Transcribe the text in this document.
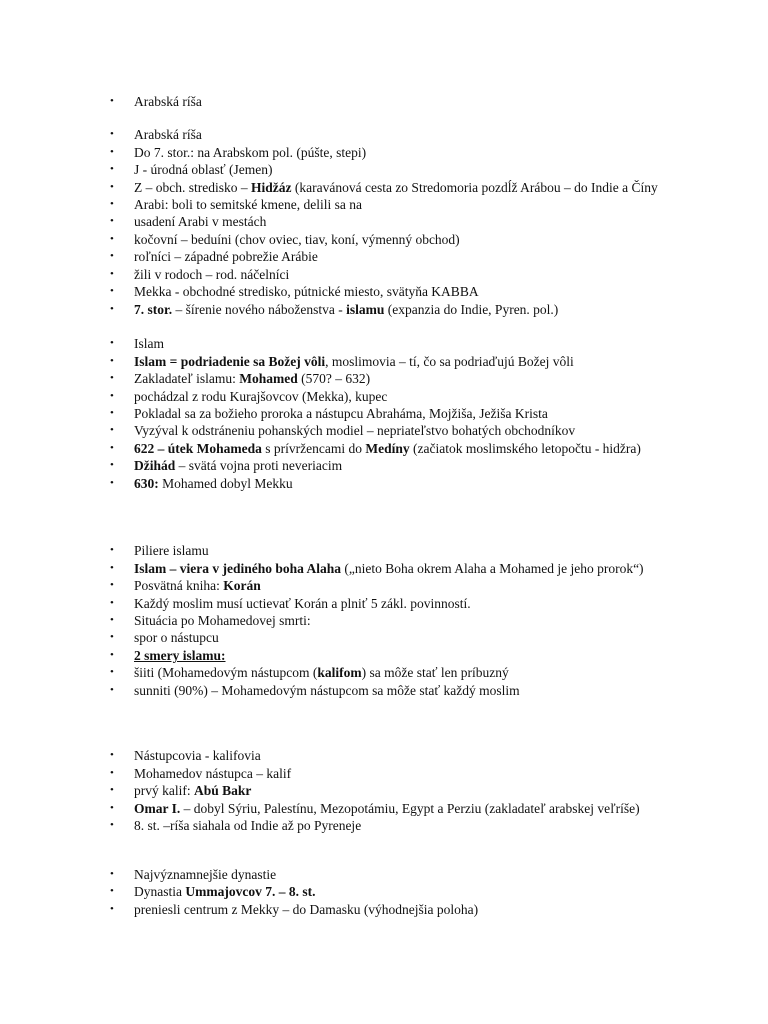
•	Arabská ríša
•	Arabská ríša
•	Do 7. stor.: na Arabskom pol. (púšte, stepi)
•	J - úrodná oblasť (Jemen)
•	Z – obch. stredisko – Hidžáz (karavánová cesta zo Stredomoria pozdĺž Arábou – do Indie a Číny
•	Arabi: boli to semitské kmene, delili sa na
•	usadení Arabi v mestách
•	kočovní – beduíni (chov oviec, tiav, koní, výmenný obchod)
•	roľníci – západné pobrežie Arábie
•	žili v rodoch – rod. náčelníci
•	Mekka - obchodné stredisko, pútnické miesto, svätyňa KABBA
•	7. stor. – šírenie nového náboženstva - islamu (expanzia do Indie, Pyren. pol.)
•	Islam
•	Islam = podriadenie sa Božej vôli, moslimovia – tí, čo sa podriaďujú Božej vôli
•	Zakladateľ islamu: Mohamed (570? – 632)
•	pochádzal z rodu Kurajšovcov (Mekka), kupec
•	Pokladal sa za božieho proroka a nástupcu Abraháma, Mojžiša, Ježiša Krista
•	Vyzýval k odstráneniu pohanských modiel – nepriateľstvo bohatých obchodníkov
•	622 – útek Mohameda s prívržencami do Medíny (začiatok moslimského letopočtu - hidžra)
•	Džihád – svätá vojna proti neveriacim
•	630: Mohamed dobyl Mekku
•	Piliere islamu
•	Islam – viera v jediného boha Alaha („nieto Boha okrem Alaha a Mohamed je jeho prorok“)
•	Posvätná kniha: Korán
•	Každý moslim musí uctievať Korán a plniť 5 zákl. povinností.
•	Situácia po Mohamedovej smrti:
•	spor o nástupcu
•	2 smery islamu:
•	šiiti (Mohamedovým nástupcom (kalifom) sa môže stať len príbuzný
•	sunniti (90%) – Mohamedovým nástupcom sa môže stať každý moslim
•	Nástupcovia - kalifovia
•	Mohamedov nástupca – kalif
•	prvý kalif: Abú Bakr
•	Omar I. – dobyl Sýriu, Palestínu, Mezopotámiu, Egypt a Perziu (zakladateľ arabskej veľríše)
•	8. st. –ríša siahala od Indie až po Pyreneje
•	Najvýznamnejšie dynastie
•	Dynastia Ummajovcov 7. – 8. st.
•	preniesli centrum z Mekky – do Damasku (výhodnejšia poloha)
